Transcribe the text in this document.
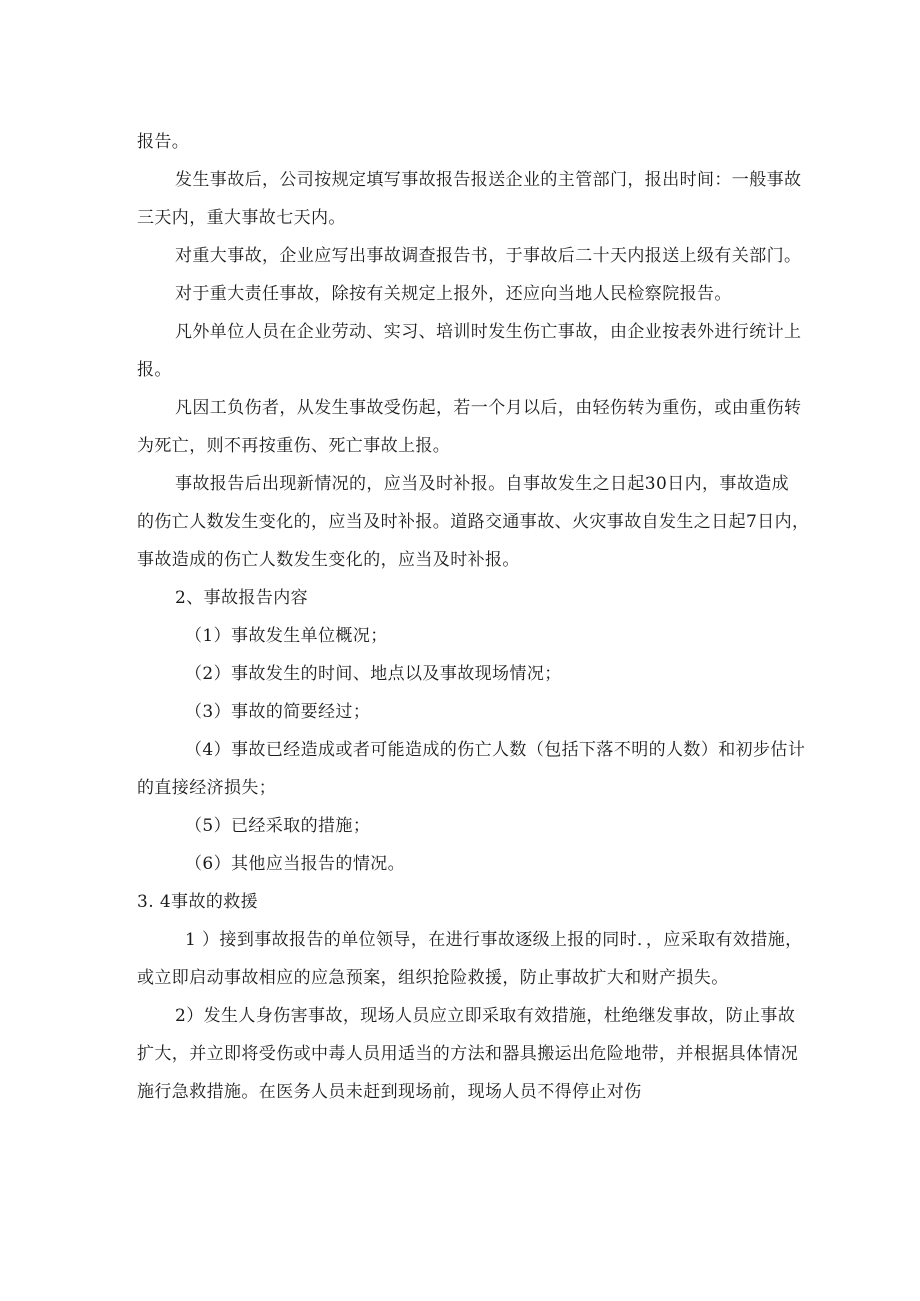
报告。
发生事故后，公司按规定填写事故报告报送企业的主管部门，报出时间：一般事故
三天内，重大事故七天内。
对重大事故，企业应写出事故调查报告书，于事故后二十天内报送上级有关部门。
对于重大责任事故，除按有关规定上报外，还应向当地人民检察院报告。
凡外单位人员在企业劳动、实习、培训时发生伤亡事故，由企业按表外进行统计上
报。
凡因工负伤者，从发生事故受伤起，若一个月以后，由轻伤转为重伤，或由重伤转
为死亡，则不再按重伤、死亡事故上报。
事故报告后出现新情况的，应当及时补报。自事故发生之日起30日内，事故造成
的伤亡人数发生变化的，应当及时补报。道路交通事故、火灾事故自发生之日起7日内，
事故造成的伤亡人数发生变化的，应当及时补报。
2、事故报告内容
（1）事故发生单位概况；
（2）事故发生的时间、地点以及事故现场情况；
（3）事故的简要经过；
（4）事故已经造成或者可能造成的伤亡人数（包括下落不明的人数）和初步估计
的直接经济损失；
（5）已经采取的措施；
（6）其他应当报告的情况。
3. 4事故的救援
1 ）接到事故报告的单位领导，在进行事故逐级上报的同时．，应采取有效措施，
或立即启动事故相应的应急预案，组织抢险救援，防止事故扩大和财产损失。
2）发生人身伤害事故，现场人员应立即采取有效措施，杜绝继发事故，防止事故
扩大，并立即将受伤或中毒人员用适当的方法和器具搬运出危险地带，并根据具体情况
施行急救措施。在医务人员未赶到现场前，现场人员不得停止对伤
